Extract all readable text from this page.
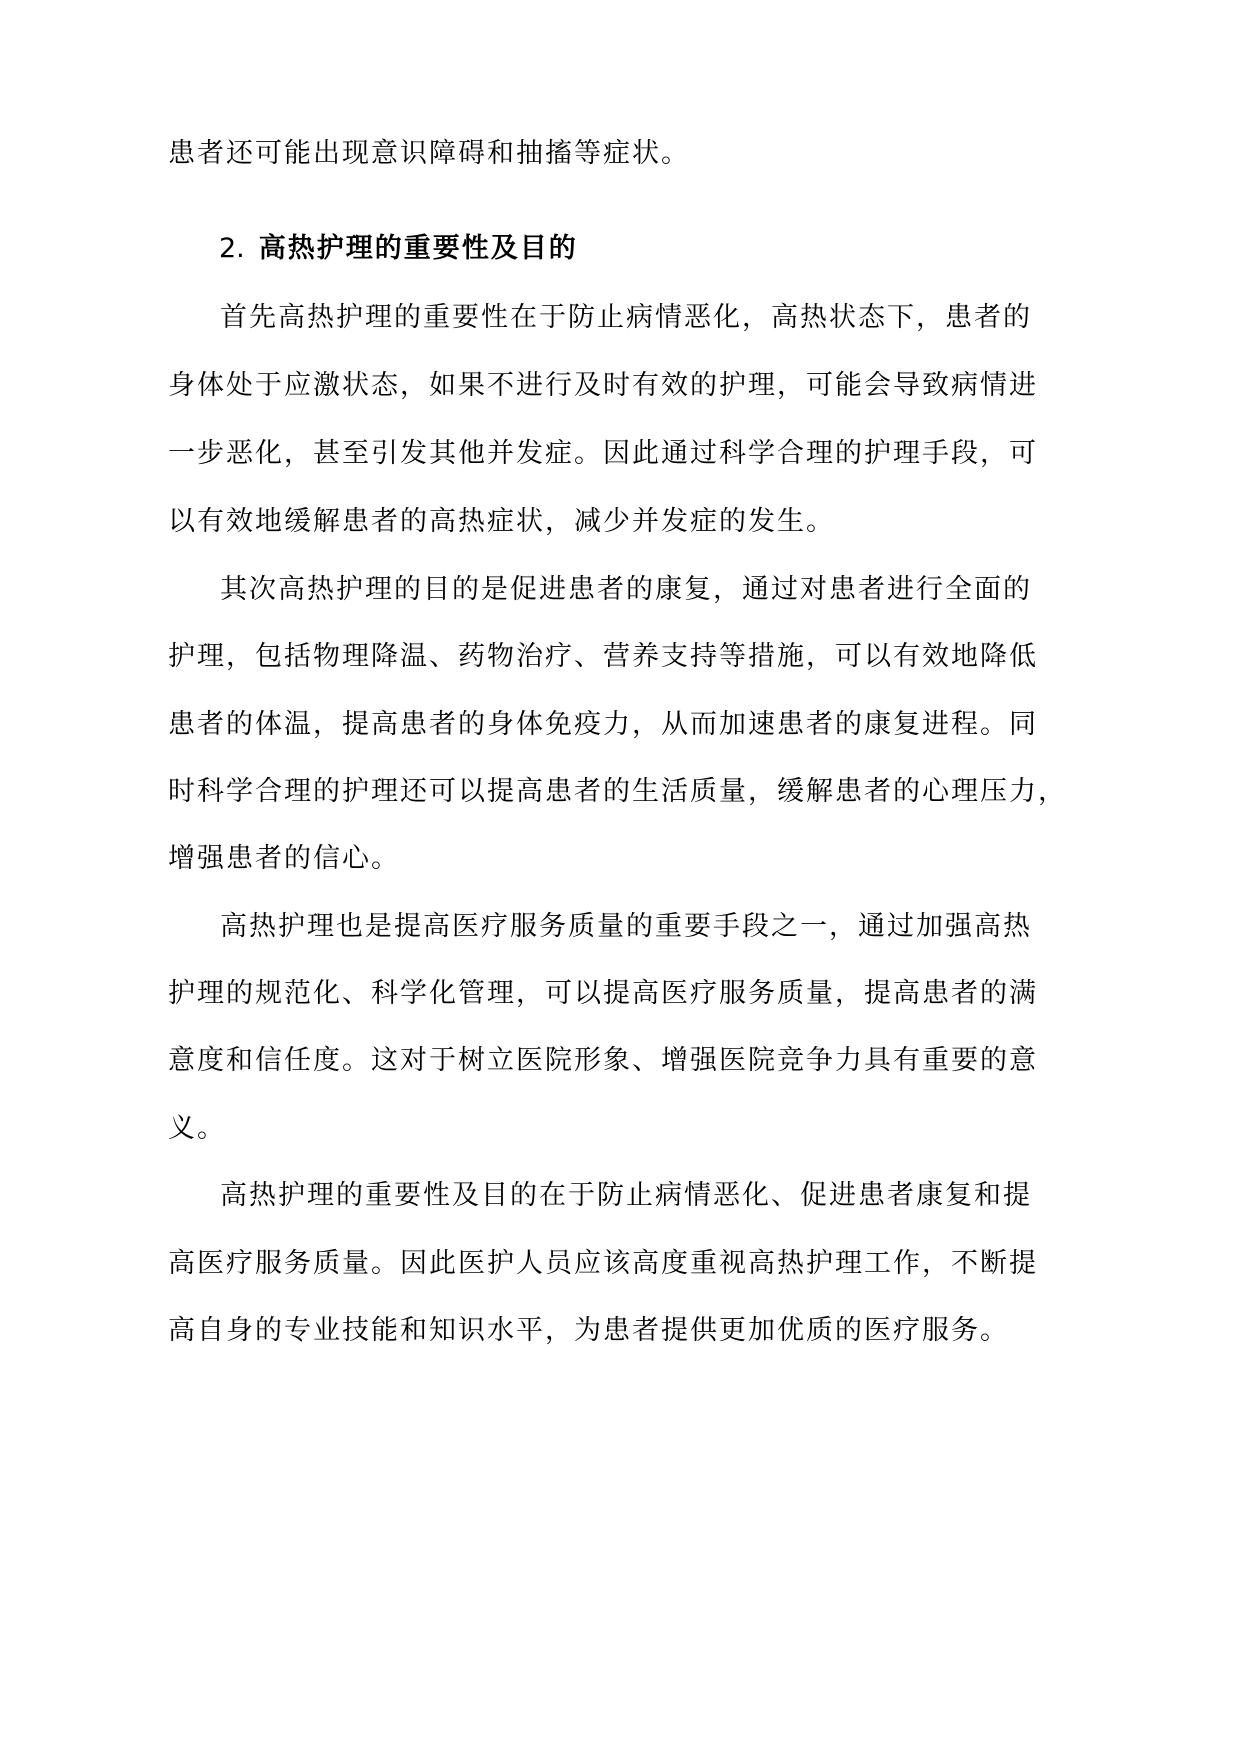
患者还可能出现意识障碍和抽搐等症状。
2. 高热护理的重要性及目的
首先高热护理的重要性在于防止病情恶化，高热状态下，患者的
身体处于应激状态，如果不进行及时有效的护理，可能会导致病情进
一步恶化，甚至引发其他并发症。因此通过科学合理的护理手段，可
以有效地缓解患者的高热症状，减少并发症的发生。
其次高热护理的目的是促进患者的康复，通过对患者进行全面的
护理，包括物理降温、药物治疗、营养支持等措施，可以有效地降低
患者的体温，提高患者的身体免疫力，从而加速患者的康复进程。同
时科学合理的护理还可以提高患者的生活质量，缓解患者的心理压力，
增强患者的信心。
高热护理也是提高医疗服务质量的重要手段之一，通过加强高热
护理的规范化、科学化管理，可以提高医疗服务质量，提高患者的满
意度和信任度。这对于树立医院形象、增强医院竞争力具有重要的意
义。
高热护理的重要性及目的在于防止病情恶化、促进患者康复和提
高医疗服务质量。因此医护人员应该高度重视高热护理工作，不断提
高自身的专业技能和知识水平，为患者提供更加优质的医疗服务。
